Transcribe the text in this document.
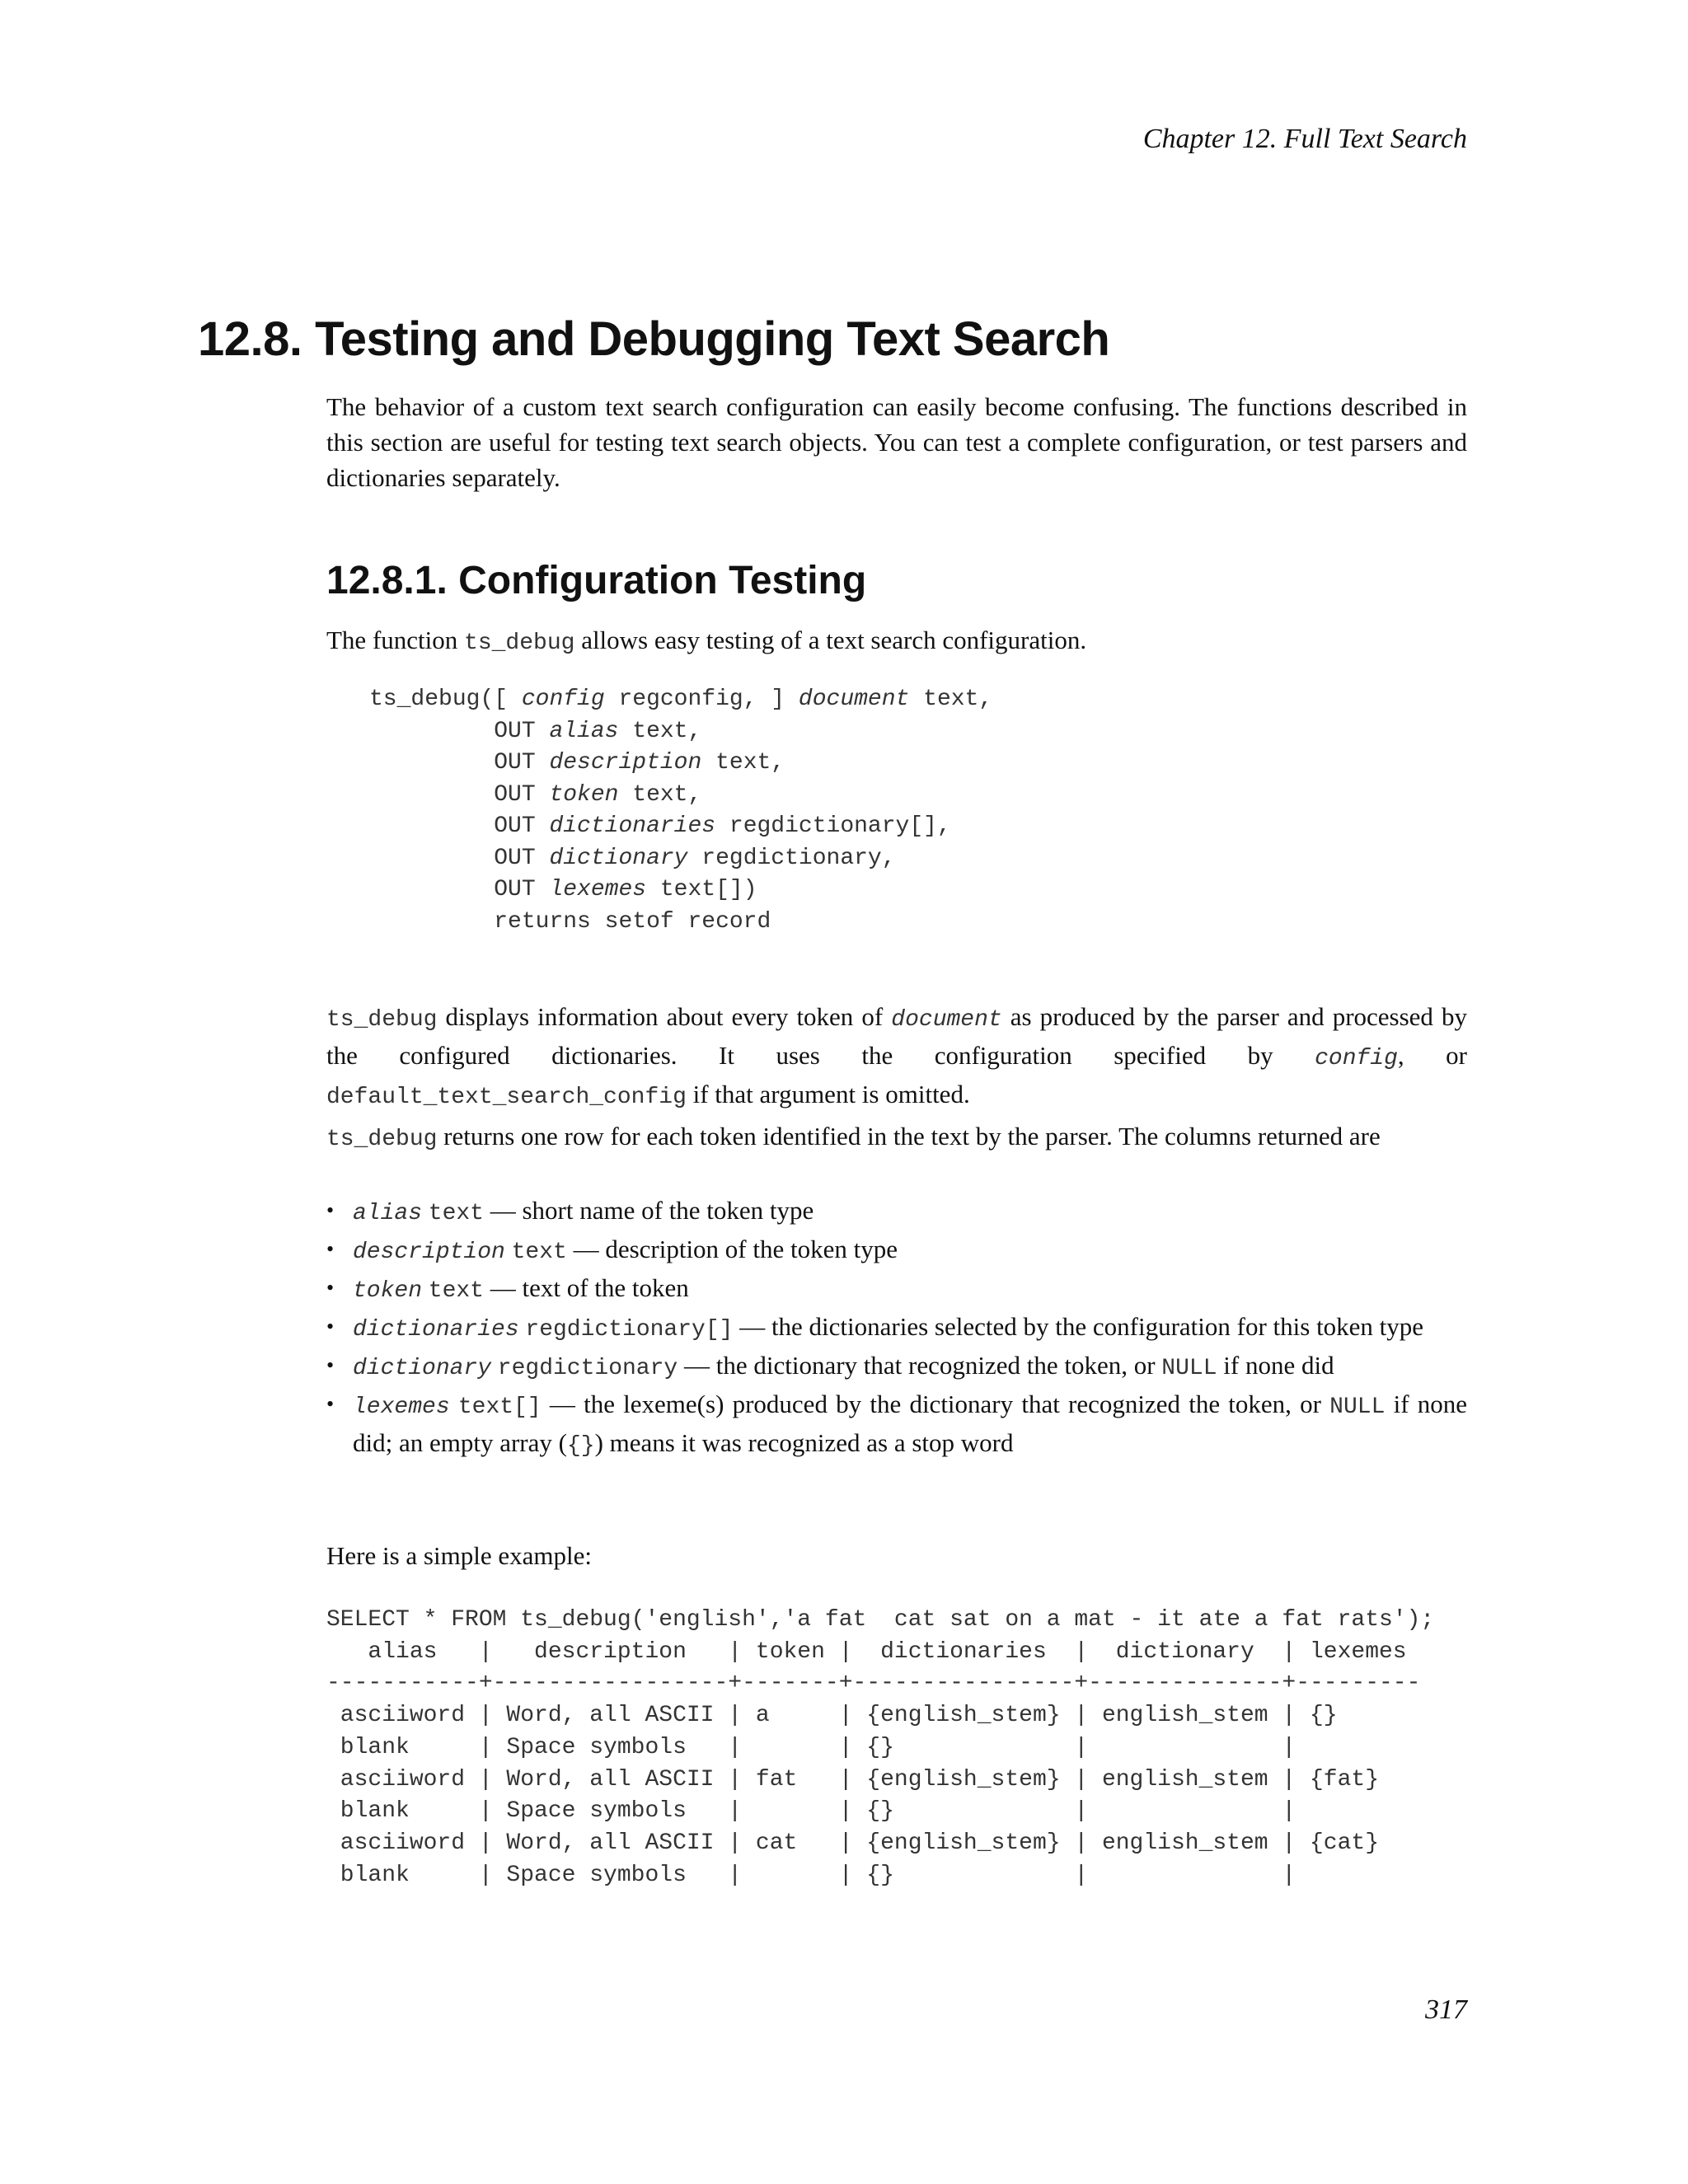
Chapter 12. Full Text Search
12.8. Testing and Debugging Text Search

The behavior of a custom text search configuration can easily become confusing. The functions described in this section are useful for testing text search objects. You can test a complete configuration, or test parsers and dictionaries separately.

12.8.1. Configuration Testing

The function ts_debug allows easy testing of a text search configuration.

ts_debug([ config regconfig, ] document text,
OUT alias text,
OUT description text,
OUT token text,
OUT dictionaries regdictionary[],
OUT dictionary regdictionary,
OUT lexemes text[])
returns setof record

ts_debug displays information about every token of document as produced by the parser and processed by the configured dictionaries. It uses the configuration specified by config, or default_text_search_config if that argument is omitted.

ts_debug returns one row for each token identified in the text by the parser. The columns returned are

• alias text — short name of the token type
• description text — description of the token type
• token text — text of the token
• dictionaries regdictionary[] — the dictionaries selected by the configuration for this token type
• dictionary regdictionary — the dictionary that recognized the token, or NULL if none did
• lexemes text[] — the lexeme(s) produced by the dictionary that recognized the token, or NULL if none did; an empty array ({}) means it was recognized as a stop word

Here is a simple example:

SELECT * FROM ts_debug('english','a fat  cat sat on a mat - it ate a fat rats');
alias   |   description   | token |  dictionaries  |  dictionary  | lexemes
-----------+-----------------+-------+----------------+--------------+---------
asciiword | Word, all ASCII | a     | {english_stem} | english_stem | {}
blank     | Space symbols   |       | {}             |              |
asciiword | Word, all ASCII | fat   | {english_stem} | english_stem | {fat}
blank     | Space symbols   |       | {}             |              |
asciiword | Word, all ASCII | cat   | {english_stem} | english_stem | {cat}
blank     | Space symbols   |       | {}             |              |
317
